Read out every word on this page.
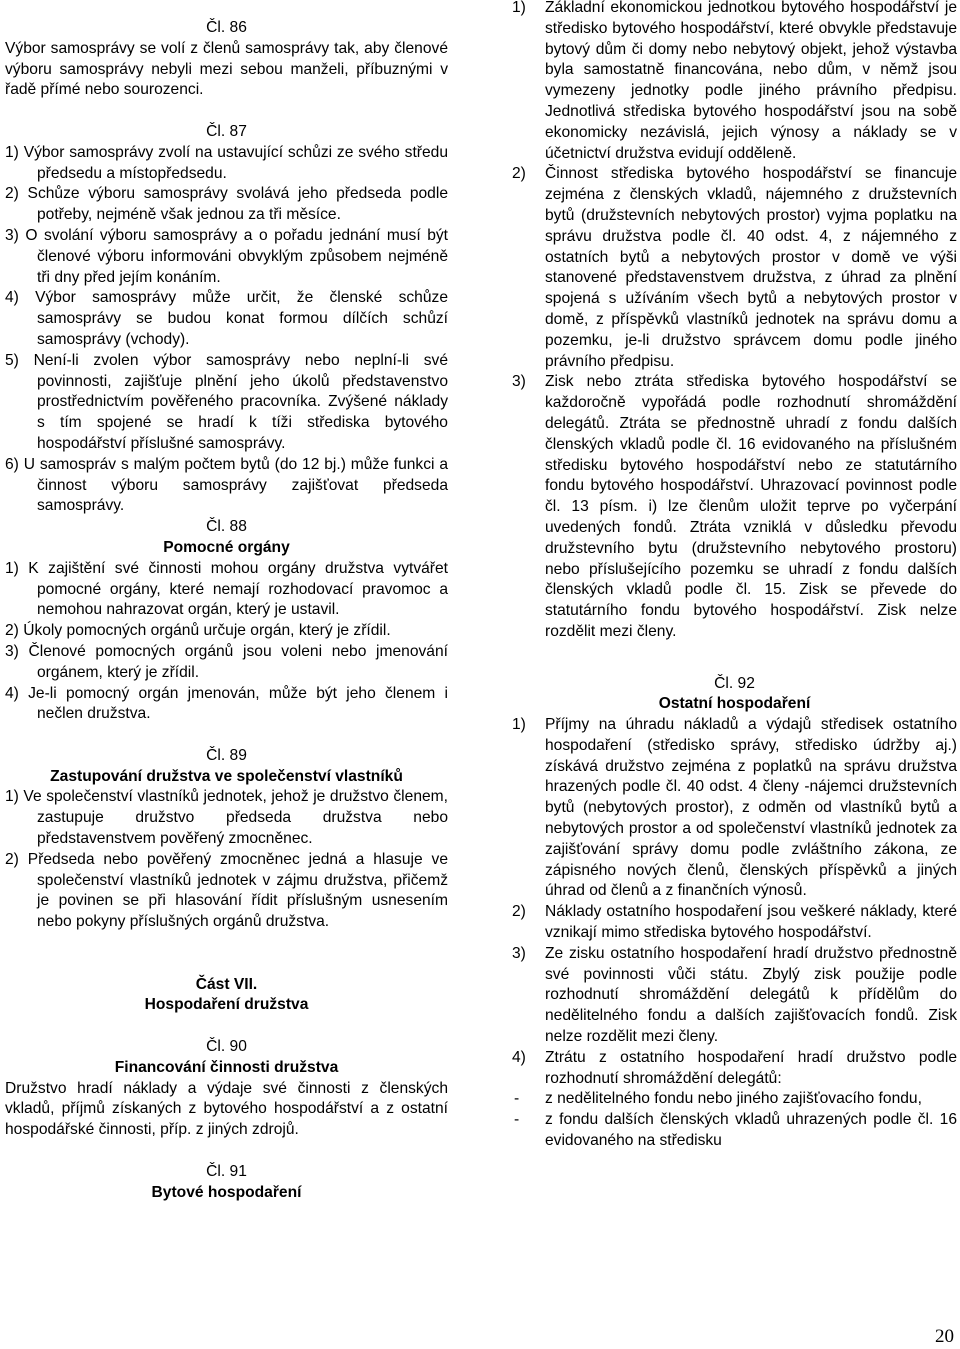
Čl. 86

Výbor samosprávy se volí z členů samosprávy tak, aby členové výboru samosprávy nebyli mezi sebou manželi, příbuznými v řadě přímé nebo sourozenci.

Čl. 87

1) Výbor samosprávy zvolí na ustavující schůzi ze svého středu předsedu a místopředsedu.

2) Schůze výboru samosprávy svolává jeho předseda podle potřeby, nejméně však jednou za tři měsíce.

3) O svolání výboru samosprávy a o pořadu jednání musí být členové výboru informováni obvyklým způsobem nejméně tři dny před jejím konáním.

4) Výbor samosprávy může určit, že členské schůze samosprávy se budou konat formou dílčích schůzí samosprávy (vchody).

5) Není-li zvolen výbor samosprávy nebo neplní-li své povinnosti, zajišťuje plnění jeho úkolů představenstvo prostřednictvím pověřeného pracovníka. Zvýšené náklady s tím spojené se hradí k tíži střediska bytového hospodářství příslušné samosprávy.

6) U samospráv s malým počtem bytů (do 12 bj.) může funkci a činnost výboru samosprávy zajišťovat předseda samosprávy.

Čl. 88

Pomocné orgány

1) K zajištění své činnosti mohou orgány družstva vytvářet pomocné orgány, které nemají rozhodovací pravomoc a nemohou nahrazovat orgán, který je ustavil.

2) Úkoly pomocných orgánů určuje orgán, který je zřídil.

3) Členové pomocných orgánů jsou voleni nebo jmenování orgánem, který je zřídil.

4) Je-li pomocný orgán jmenován, může být jeho členem i nečlen družstva.

Čl. 89

Zastupování družstva ve společenství vlastníků

1) Ve společenství vlastníků jednotek, jehož je družstvo členem, zastupuje družstvo předseda družstva nebo představenstvem pověřený zmocněnec.

2) Předseda nebo pověřený zmocněnec jedná a hlasuje ve společenství vlastníků jednotek v zájmu družstva, přičemž je povinen se při hlasování řídit příslušným usnesením nebo pokyny příslušných orgánů družstva.

Část VII.

Hospodaření družstva

Čl. 90

Financování činnosti družstva

Družstvo hradí náklady a výdaje své činnosti z členských vkladů, příjmů získaných z bytového hospodářství a z ostatní hospodářské činnosti, příp. z jiných zdrojů.

Čl. 91

Bytové hospodaření

1) Základní ekonomickou jednotkou bytového hospodářství je středisko bytového hospodářství, které obvykle představuje bytový dům či domy nebo nebytový objekt, jehož výstavba byla samostatně financována, nebo dům, v němž jsou vymezeny jednotky podle jiného právního předpisu. Jednotlivá střediska bytového hospodářství jsou na sobě ekonomicky nezávislá, jejich výnosy a náklady se v účetnictví družstva evidují odděleně.
2) Činnost střediska bytového hospodářství se financuje zejména z členských vkladů, nájemného z družstevních bytů (družstevních nebytových prostor) vyjma poplatku na správu družstva podle čl. 40 odst. 4, z nájemného z ostatních bytů a nebytových prostor v domě ve výši stanovené představenstvem družstva, z úhrad za plnění spojená s užíváním všech bytů a nebytových prostor v domě, z příspěvků vlastníků jednotek na správu domu a pozemku, je-li družstvo správcem domu podle jiného právního předpisu.
3) Zisk nebo ztráta střediska bytového hospodářství se každoročně vypořádá podle rozhodnutí shromáždění delegátů. Ztráta se přednostně uhradí z fondu dalších členských vkladů podle čl. 16 evidovaného na příslušném středisku bytového hospodářství nebo ze statutárního fondu bytového hospodářství. Uhrazovací povinnost podle čl. 13 písm. i) lze členům uložit teprve po vyčerpání uvedených fondů. Ztráta vzniklá v důsledku převodu družstevního bytu (družstevního nebytového prostoru) nebo příslušejícího pozemku se uhradí z fondu dalších členských vkladů podle čl. 15. Zisk se převede do statutárního fondu bytového hospodářství. Zisk nelze rozdělit mezi členy.

Čl. 92

Ostatní hospodaření

1) Příjmy na úhradu nákladů a výdajů středisek ostatního hospodaření (středisko správy, středisko údržby aj.) získává družstvo zejména z poplatků na správu družstva hrazených podle čl. 40 odst. 4 členy -nájemci družstevních bytů (nebytových prostor), z odměn od vlastníků bytů a nebytových prostor a od společenství vlastníků jednotek za zajišťování správy domu podle zvláštního zákona, ze zápisného nových členů, členských příspěvků a jiných úhrad od členů a z finančních výnosů.
2) Náklady ostatního hospodaření jsou veškeré náklady, které vznikají mimo střediska bytového hospodářství.
3) Ze zisku ostatního hospodaření hradí družstvo přednostně své povinnosti vůči státu. Zbylý zisk použije podle rozhodnutí shromáždění delegátů k přídělům do nedělitelného fondu a dalších zajišťovacích fondů. Zisk nelze rozdělit mezi členy.
4) Ztrátu z ostatního hospodaření hradí družstvo podle rozhodnutí shromáždění delegátů:
- z nedělitelného fondu nebo jiného zajišťovacího fondu,
- z fondu dalších členských vkladů uhrazených podle čl. 16 evidovaného na středisku
20
